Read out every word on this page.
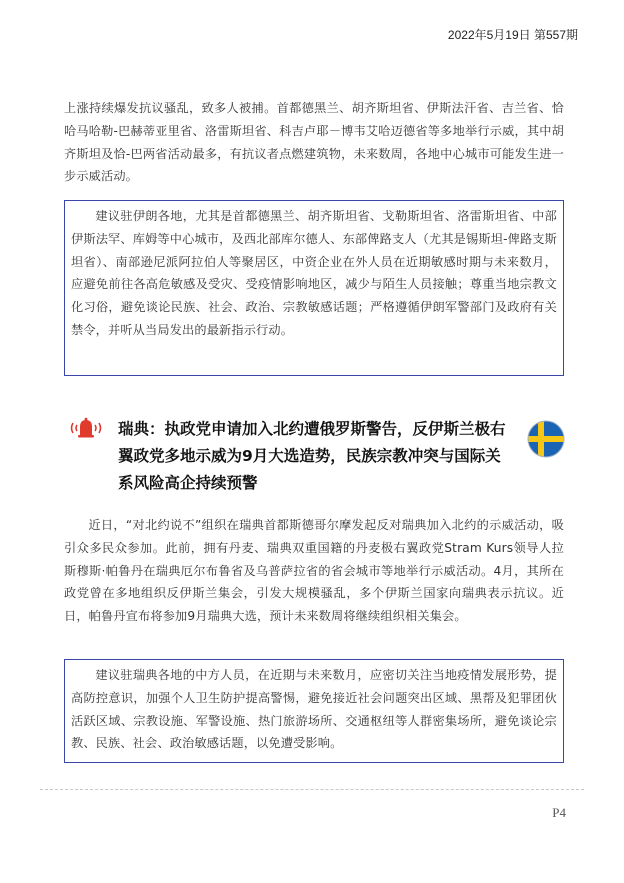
2022年5月19日 第557期

上涨持续爆发抗议骚乱，致多人被捕。首都德黑兰、胡齐斯坦省、伊斯法汗省、吉兰省、恰哈马哈勒-巴赫蒂亚里省、洛雷斯坦省、科吉卢耶－博韦艾哈迈德省等多地举行示威，其中胡齐斯坦及恰-巴两省活动最多，有抗议者点燃建筑物，未来数周，各地中心城市可能发生进一步示威活动。

建议驻伊朗各地，尤其是首都德黑兰、胡齐斯坦省、戈勒斯坦省、洛雷斯坦省、中部伊斯法罕、库姆等中心城市，及西北部库尔德人、东部俾路支人（尤其是锡斯坦-俾路支斯坦省）、南部逊尼派阿拉伯人等聚居区，中资企业在外人员在近期敏感时期与未来数月，应避免前往各高危敏感及受灾、受疫情影响地区，减少与陌生人员接触；尊重当地宗教文化习俗，避免谈论民族、社会、政治、宗教敏感话题；严格遵循伊朗军警部门及政府有关禁令，并听从当局发出的最新指示行动。

瑞典：执政党申请加入北约遭俄罗斯警告，反伊斯兰极右翼政党多地示威为9月大选造势，民族宗教冲突与国际关系风险高企持续预警

近日，“对北约说不”组织在瑞典首都斯德哥尔摩发起反对瑞典加入北约的示威活动，吸引众多民众参加。此前，拥有丹麦、瑞典双重国籍的丹麦极右翼政党Stram Kurs领导人拉斯穆斯·帕鲁丹在瑞典厄尔布鲁省及乌普萨拉省的省会城市等地举行示威活动。4月，其所在政党曾在多地组织反伊斯兰集会，引发大规模骚乱，多个伊斯兰国家向瑞典表示抗议。近日，帕鲁丹宣布将参加9月瑞典大选，预计未来数周将继续组织相关集会。

建议驻瑞典各地的中方人员，在近期与未来数月，应密切关注当地疫情发展形势，提高防控意识，加强个人卫生防护提高警惕，避免接近社会问题突出区域、黑帮及犯罪团伙活跃区域、宗教设施、军警设施、热门旅游场所、交通枢纽等人群密集场所，避免谈论宗教、民族、社会、政治敏感话题，以免遭受影响。

P4
